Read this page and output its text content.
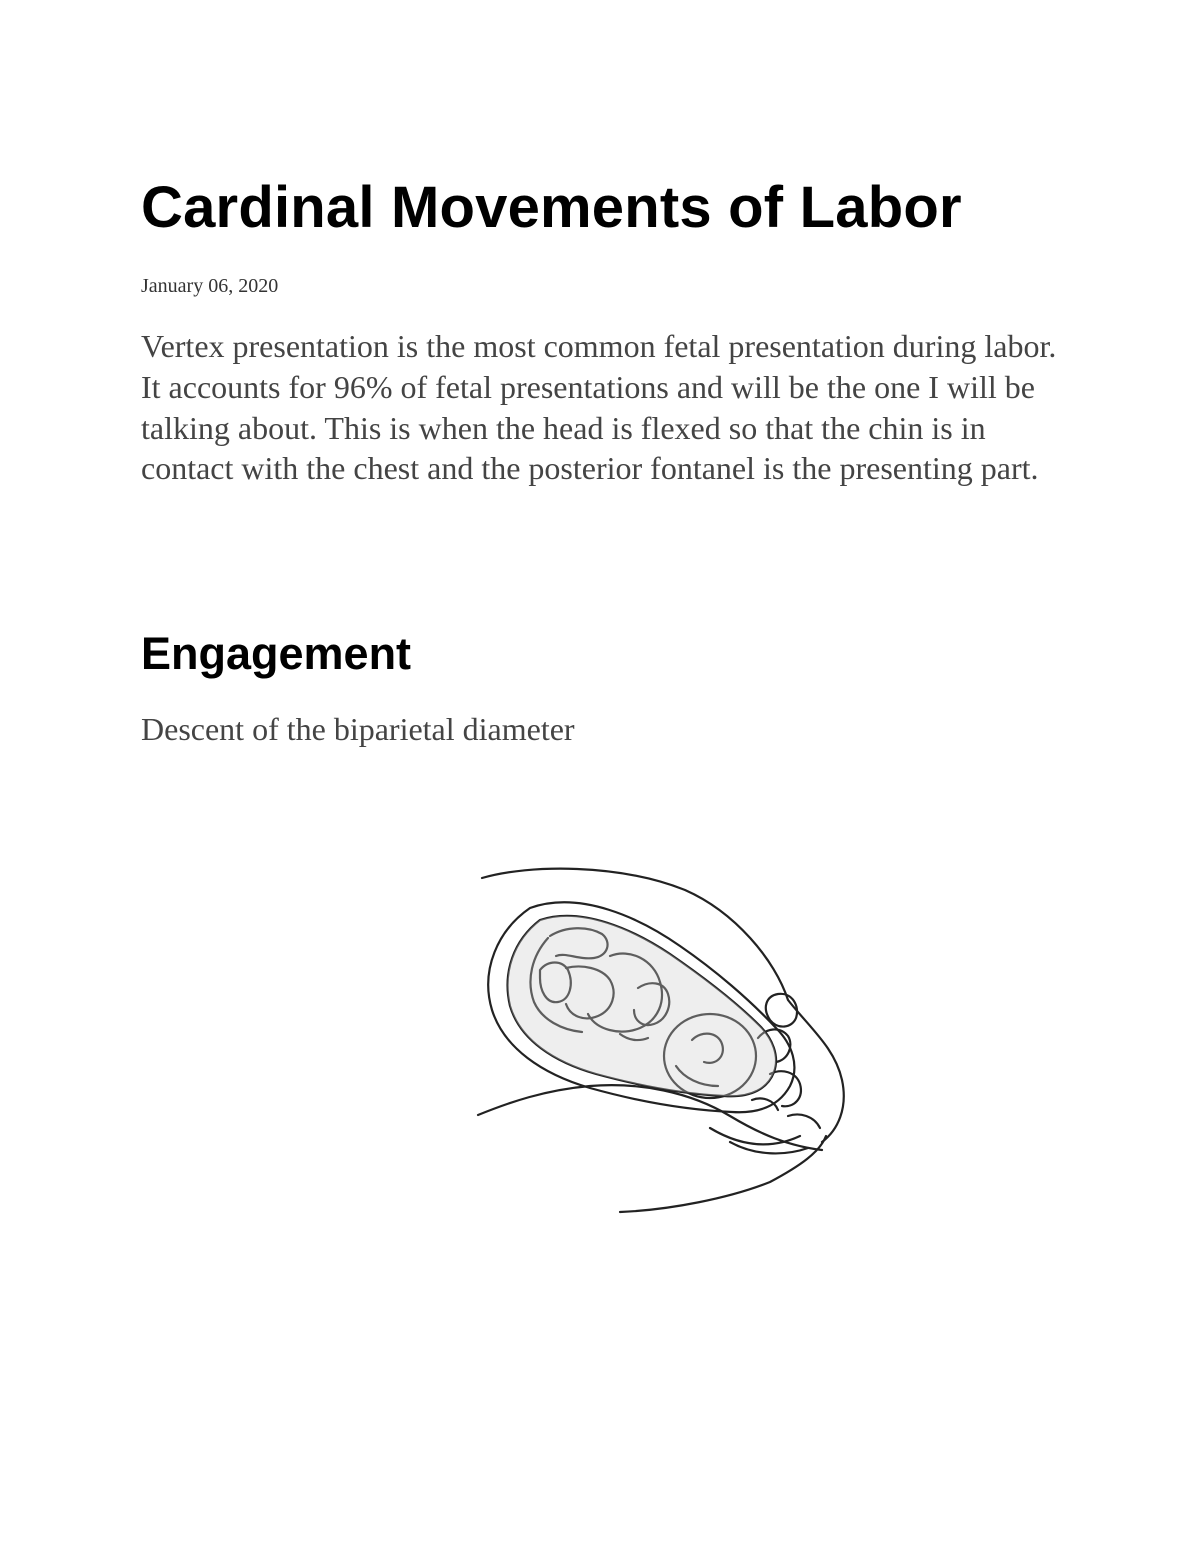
Cardinal Movements of Labor

January 06, 2020

Vertex presentation is the most common fetal presentation during labor. It accounts for 96% of fetal presentations and will be the one I will be talking about. This is when the head is flexed so that the chin is in contact with the chest and the posterior fontanel is the presenting part.

Engagement

Descent of the biparietal diameter
